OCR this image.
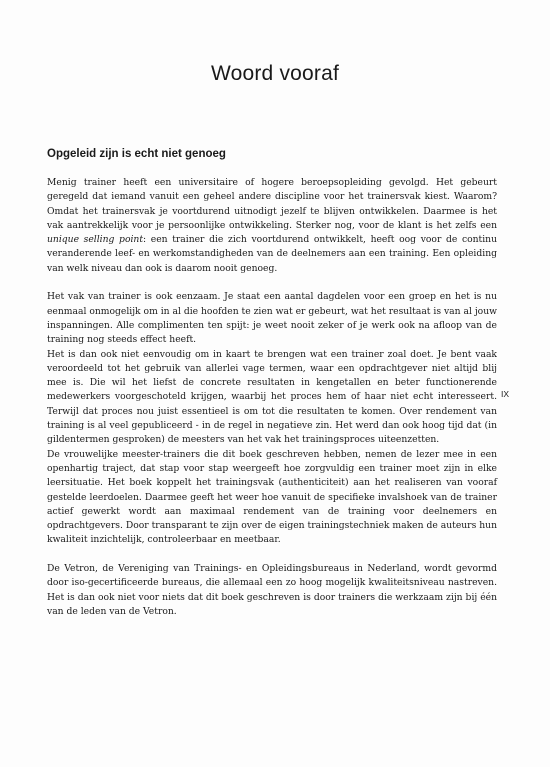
Woord vooraf
Opgeleid zijn is echt niet genoeg

Menig trainer heeft een universitaire of hogere beroepsopleiding gevolgd. Het gebeurt geregeld dat iemand vanuit een geheel andere discipline voor het trainersvak kiest. Waarom? Omdat het trainersvak je voortdurend uitnodigt jezelf te blijven ontwikkelen. Daarmee is het vak aantrekkelijk voor je persoonlijke ontwikkeling. Sterker nog, voor de klant is het zelfs een unique selling point: een trainer die zich voortdurend ontwikkelt, heeft oog voor de continu veranderende leef- en werkomstandigheden van de deelnemers aan een training. Een opleiding van welk niveau dan ook is daarom nooit genoeg.

Het vak van trainer is ook eenzaam. Je staat een aantal dagdelen voor een groep en het is nu eenmaal onmogelijk om in al die hoofden te zien wat er gebeurt, wat het resultaat is van al jouw inspanningen. Alle complimenten ten spijt: je weet nooit zeker of je werk ook na afloop van de training nog steeds effect heeft.

Het is dan ook niet eenvoudig om in kaart te brengen wat een trainer zoal doet. Je bent vaak veroordeeld tot het gebruik van allerlei vage termen, waar een opdrachtgever niet altijd blij mee is. Die wil het liefst de concrete resultaten in kengetallen en beter functionerende medewerkers voorgeschoteld krijgen, waarbij het proces hem of haar niet echt interesseert. Terwijl dat proces nou juist essentieel is om tot die resultaten te komen. Over rendement van training is al veel gepubliceerd - in de regel in negatieve zin. Het werd dan ook hoog tijd dat (in gildentermen gesproken) de meesters van het vak het trainingsproces uiteenzetten.

De vrouwelijke meester-trainers die dit boek geschreven hebben, nemen de lezer mee in een openhartig traject, dat stap voor stap weergeeft hoe zorgvuldig een trainer moet zijn in elke leersituatie. Het boek koppelt het trainingsvak (authenticiteit) aan het realiseren van vooraf gestelde leerdoelen. Daarmee geeft het weer hoe vanuit de specifieke invalshoek van de trainer actief gewerkt wordt aan maximaal rendement van de training voor deelnemers en opdrachtgevers. Door transparant te zijn over de eigen trainingstechniek maken de auteurs hun kwaliteit inzichtelijk, controleerbaar en meetbaar.

De Vetron, de Vereniging van Trainings- en Opleidingsbureaus in Nederland, wordt gevormd door iso-gecertificeerde bureaus, die allemaal een zo hoog mogelijk kwaliteitsniveau nastreven. Het is dan ook niet voor niets dat dit boek geschreven is door trainers die werkzaam zijn bij één van de leden van de Vetron.

IX
